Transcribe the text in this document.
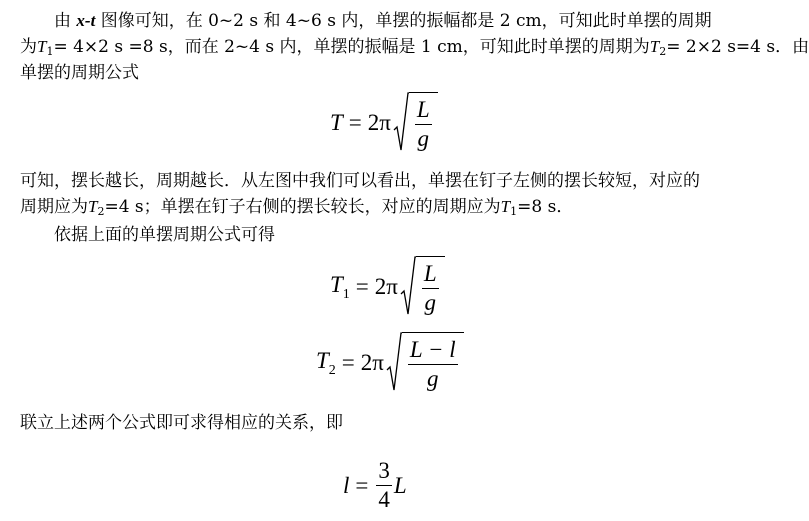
由 x-t 图像可知，在 0~2 s 和 4~6 s 内，单摆的振幅都是 2 cm，可知此时单摆的周期
为$T_1= 4\times 2$ s =8 s，而在 2~4 s 内，单摆的振幅是 1 cm，可知此时单摆的周期为$T_2= 2\times 2$ s=4 s．由
单摆的周期公式
$T = 2\pi \frac{L}{g}$
可知，摆长越长，周期越长．从左图中我们可以看出，单摆在钉子左侧的摆长较短，对应的
周期应为$T_2=4$ s；单摆在钉子右侧的摆长较长，对应的周期应为$T_1=8$ s．
依据上面的单摆周期公式可得
$T_1 = 2\pi \frac{L}{g}$
$T_2 = 2\pi \frac{L - l}{g}$
联立上述两个公式即可求得相应的关系，即
$l = \frac{3}{4}$ L
